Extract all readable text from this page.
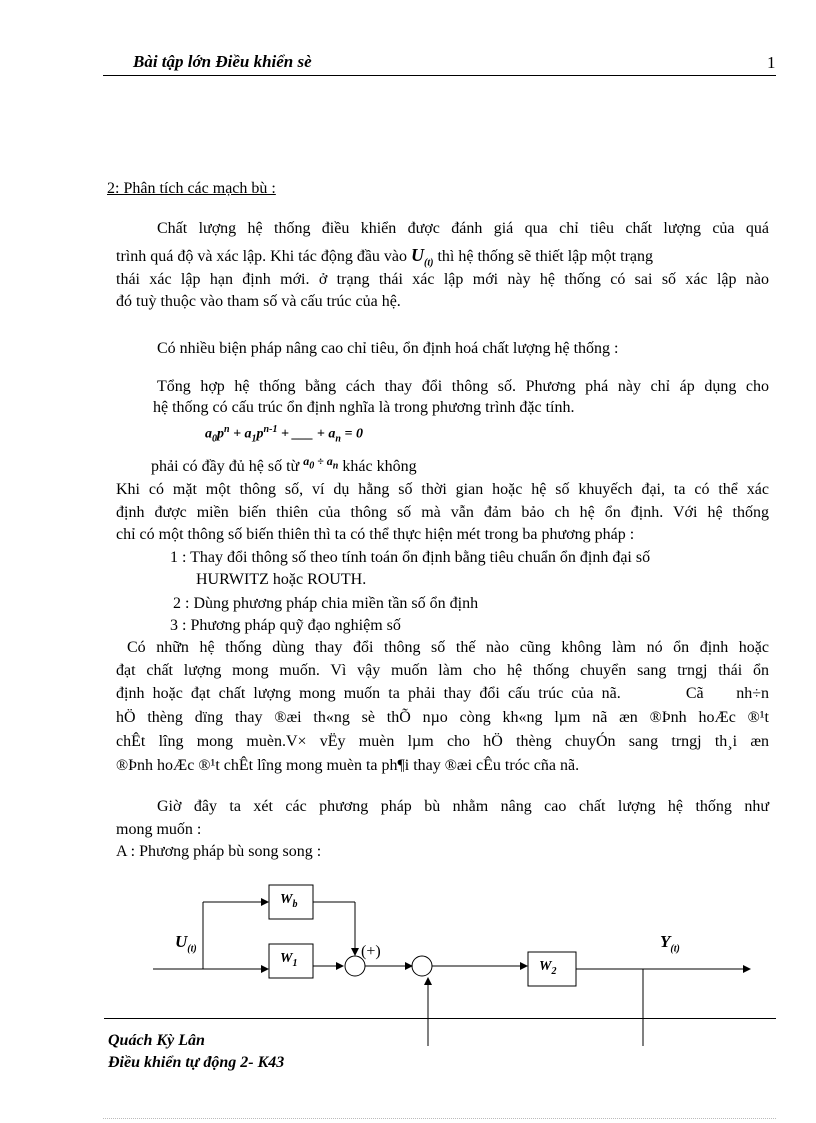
Bài tập lớn Điều khiển sè	1
2: Phân tích các mạch bù :
Chất lượng hệ thống điều khiển được đánh giá qua chỉ tiêu chất lượng của quá
trình quá độ và xác lập. Khi tác động đầu vào $U_{(t)}$ thì hệ thống sẽ thiết lập một trạng
thái xác lập hạn định mới. ở trạng thái xác lập mới này hệ thống có sai số xác lập nào
đó tuỳ thuộc vào tham số và cấu trúc của hệ.
Có nhiều biện pháp nâng cao chỉ tiêu, ổn định hoá chất lượng hệ thống :
Tổng hợp hệ thống bằng cách thay đổi thông số. Phương phá này chỉ áp dụng cho
hệ thống có cấu trúc ổn định nghĩa là trong phương trình đặc tính.
$a_0p^n + a_1p^{n-1}$ + ___ + $a_n = 0$
phải có đầy đủ hệ số từ $^{a_0 \div a_n}$ khác không
Khi có mặt một thông số, ví dụ hằng số thời gian hoặc hệ số khuyếch đại, ta có thể xác
định được miền biến thiên của thông số mà vẫn đảm bảo ch hệ ổn định. Với hệ thống
chỉ có một thông số biến thiên thì ta có thể thực hiện mét trong ba phương pháp :
1 : Thay đổi thông số theo tính toán ổn định bằng tiêu chuẩn ổn định đại số
HURWITZ hoặc ROUTH.
2 : Dùng phương pháp chia miền tần số ổn định
3 : Phương pháp quỹ đạo nghiệm số
Có nhữn hệ thống dùng thay đổi thông số thế nào cũng không làm nó ổn định hoặc
đạt chất lượng mong muốn. Vì vậy muốn làm cho hệ thống chuyển sang trngj thái ổn
định hoặc đạt chất lượng mong muốn ta phải thay đổi cấu trúc của nã.        Cã    nh÷n
hÖ thèng dïng thay ®æi th«ng sè thÕ nµo còng kh«ng lµm nã æn ®Þnh hoÆc ®¹t
chÊt lîng mong muèn.V× vËy muèn lµm cho hÖ thèng chuyÓn sang trngj th¸i æn
®Þnh hoÆc ®¹t chÊt lîng mong muèn ta ph¶i thay ®æi cÊu tróc cña nã.
Giờ đây ta xét các phương pháp bù nhằm nâng cao chất lượng hệ thống như
mong muốn :
A : Phương pháp bù song song :
$U_{(t)}$
$W_b$
$W_1$	$W_2$
(+)
$Y_{(t)}$
Quách Kỳ Lân
Điều khiển tự động 2- K43
